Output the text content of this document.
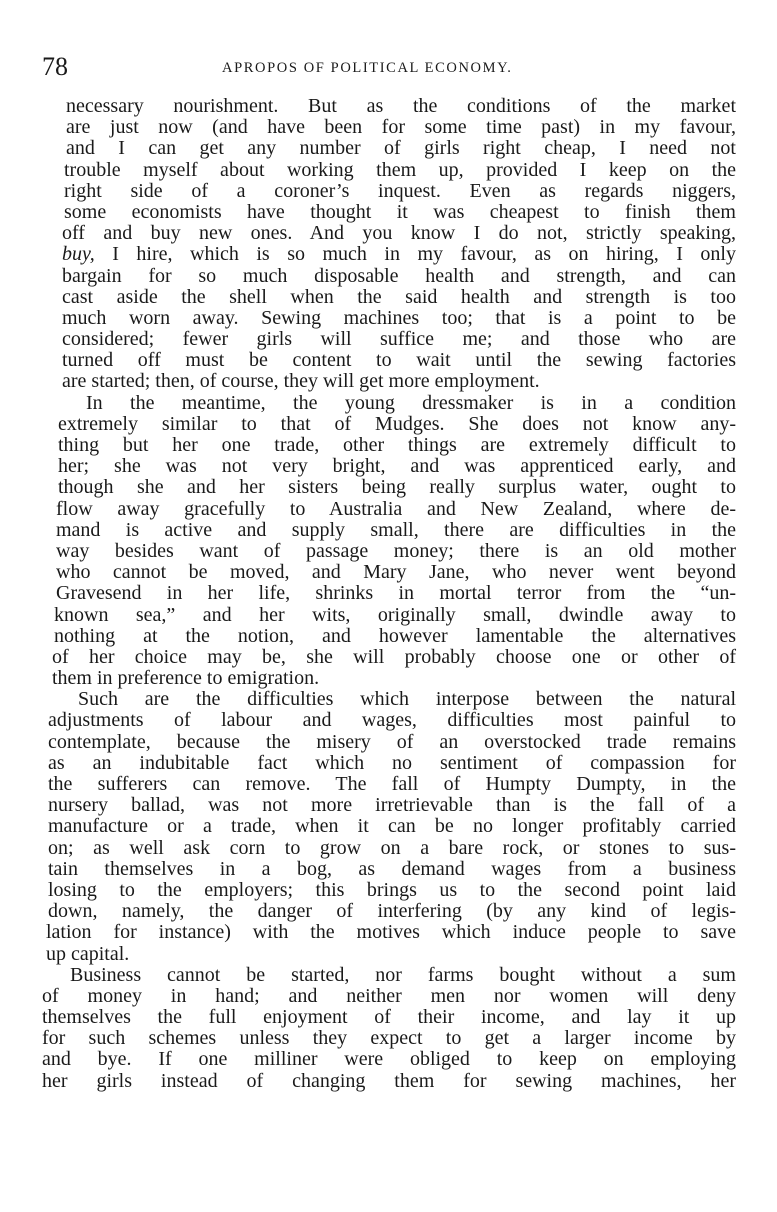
78	APROPOS OF POLITICAL ECONOMY.
necessary nourishment. But as the conditions of the market
are just now (and have been for some time past) in my favour,
and I can get any number of girls right cheap, I need not
trouble myself about working them up, provided I keep on the
right side of a coroner’s inquest. Even as regards niggers,
some economists have thought it was cheapest to finish them
off and buy new ones. And you know I do not, strictly speaking,
buy, I hire, which is so much in my favour, as on hiring, I only
bargain for so much disposable health and strength, and can
cast aside the shell when the said health and strength is too
much worn away. Sewing machines too; that is a point to be
considered; fewer girls will suffice me; and those who are
turned off must be content to wait until the sewing factories
are started; then, of course, they will get more employment.
In the meantime, the young dressmaker is in a condition
extremely similar to that of Mudges. She does not know any-
thing but her one trade, other things are extremely difficult to
her; she was not very bright, and was apprenticed early, and
though she and her sisters being really surplus water, ought to
flow away gracefully to Australia and New Zealand, where de-
mand is active and supply small, there are difficulties in the
way besides want of passage money; there is an old mother
who cannot be moved, and Mary Jane, who never went beyond
Gravesend in her life, shrinks in mortal terror from the “un-
known sea,” and her wits, originally small, dwindle away to
nothing at the notion, and however lamentable the alternatives
of her choice may be, she will probably choose one or other of
them in preference to emigration.
Such are the difficulties which interpose between the natural
adjustments of labour and wages, difficulties most painful to
contemplate, because the misery of an overstocked trade remains
as an indubitable fact which no sentiment of compassion for
the sufferers can remove. The fall of Humpty Dumpty, in the
nursery ballad, was not more irretrievable than is the fall of a
manufacture or a trade, when it can be no longer profitably carried
on; as well ask corn to grow on a bare rock, or stones to sus-
tain themselves in a bog, as demand wages from a business
losing to the employers; this brings us to the second point laid
down, namely, the danger of interfering (by any kind of legis-
lation for instance) with the motives which induce people to save
up capital.
Business cannot be started, nor farms bought without a sum
of money in hand; and neither men nor women will deny
themselves the full enjoyment of their income, and lay it up
for such schemes unless they expect to get a larger income by
and bye. If one milliner were obliged to keep on employing
her girls instead of changing them for sewing machines, her
